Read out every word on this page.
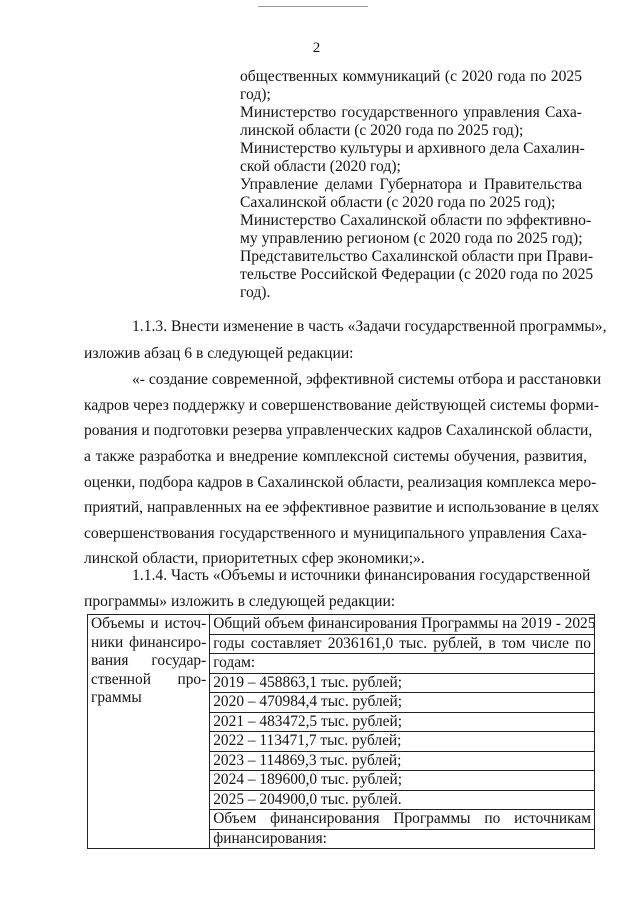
2
общественных коммуникаций (с 2020 года по 2025
год);
Министерство государственного управления Саха-
линской области (с 2020 года по 2025 год);
Министерство культуры и архивного дела Сахалин-
ской области (2020 год);
Управление делами Губернатора и Правительства
Сахалинской области (с 2020 года по 2025 год);
Министерство Сахалинской области по эффективно-
му управлению регионом (с 2020 года по 2025 год);
Представительство Сахалинской области при Прави-
тельстве Российской Федерации (с 2020 года по 2025
год).
1.1.3. Внести изменение в часть «Задачи государственной программы»,
изложив абзац 6 в следующей редакции:
«- создание современной, эффективной системы отбора и расстановки
кадров через поддержку и совершенствование действующей системы форми-
рования и подготовки резерва управленческих кадров Сахалинской области,
а также разработка и внедрение комплексной системы обучения, развития,
оценки, подбора кадров в Сахалинской области, реализация комплекса меро-
приятий, направленных на ее эффективное развитие и использование в целях
совершенствования государственного и муниципального управления Саха-
линской области, приоритетных сфер экономики;».
1.1.4. Часть «Объемы и источники финансирования государственной
программы» изложить в следующей редакции:
Объемы и источ-
ники финансиро-
вания государ-
ственной про-
граммы

Общий объем финансирования Программы на 2019 - 2025
годы составляет 2036161,0 тыс. рублей, в том числе по
годам:
2019 – 458863,1 тыс. рублей;
2020 – 470984,4 тыс. рублей;
2021 – 483472,5 тыс. рублей;
2022 – 113471,7 тыс. рублей;
2023 – 114869,3 тыс. рублей;
2024 – 189600,0 тыс. рублей;
2025 – 204900,0 тыс. рублей.
Объем финансирования Программы по источникам
финансирования:
